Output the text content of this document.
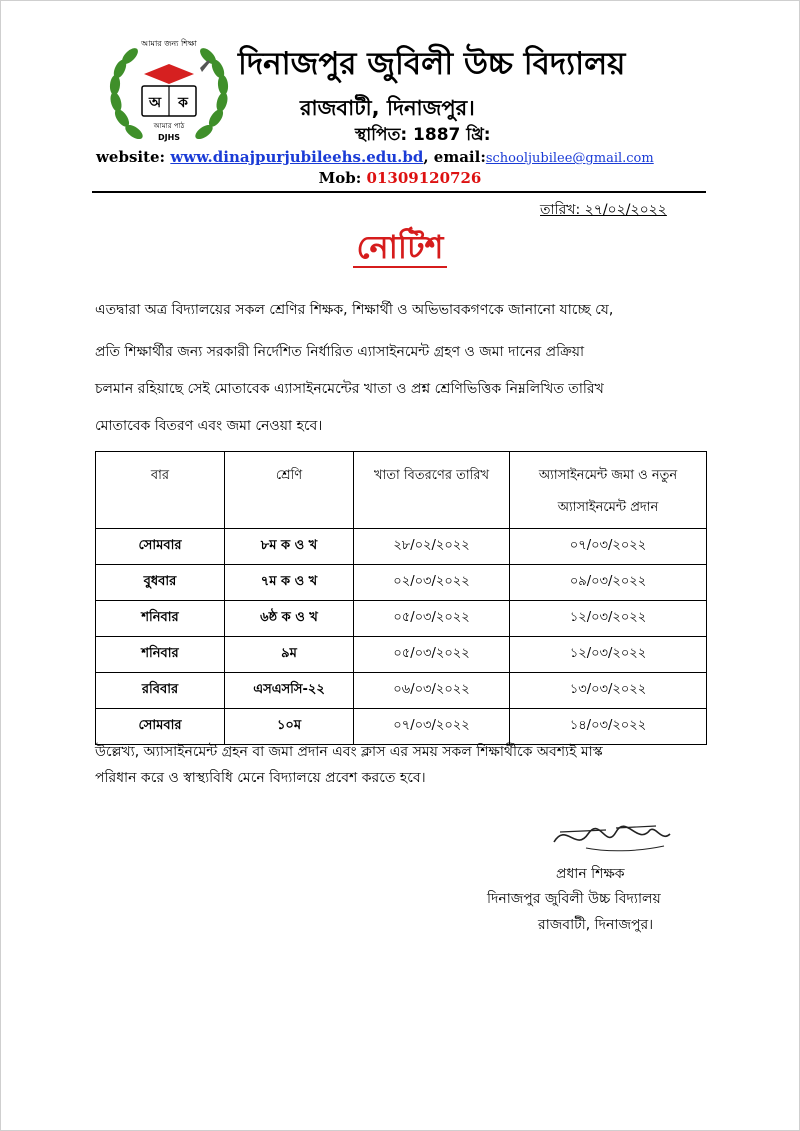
আমার জন্য শিক্ষা
অ ক
আমার পাঠ
DJHS
দিনাজপুর জুবিলী উচ্চ বিদ্যালয়
রাজবাটী, দিনাজপুর।
স্থাপিত: 1887 খ্রি:
website: www.dinajpurjubileehs.edu.bd, email:schooljubilee@gmail.com
Mob: 01309120726
তারিখ: ২৭/০২/২০২২
নোটিশ
এতদ্বারা অত্র বিদ্যালয়ের সকল শ্রেণির শিক্ষক, শিক্ষার্থী ও অভিভাবকগণকে জানানো যাচ্ছে যে,
প্রতি শিক্ষার্থীর জন্য সরকারী নির্দেশিত নির্ধারিত এ্যাসাইনমেন্ট গ্রহণ ও জমা দানের প্রক্রিয়া
চলমান রহিয়াছে সেই মোতাবেক এ্যাসাইনমেন্টের খাতা ও প্রশ্ন শ্রেণিভিত্তিক নিম্নলিখিত তারিখ
মোতাবেক বিতরণ এবং জমা নেওয়া হবে।
বার	শ্রেণি	খাতা বিতরণের তারিখ	অ্যাসাইনমেন্ট জমা ও নতুন
অ্যাসাইনমেন্ট প্রদান
সোমবার	৮ম ক ও খ	২৮/০২/২০২২	০৭/০৩/২০২২
বুধবার	৭ম ক ও খ	০২/০৩/২০২২	০৯/০৩/২০২২
শনিবার	৬ষ্ঠ ক ও খ	০৫/০৩/২০২২	১২/০৩/২০২২
শনিবার	৯ম	০৫/০৩/২০২২	১২/০৩/২০২২
রবিবার	এসএসসি-২২	০৬/০৩/২০২২	১৩/০৩/২০২২
সোমবার	১০ম	০৭/০৩/২০২২	১৪/০৩/২০২২
উল্লেখ্য, অ্যাসাইনমেন্ট গ্রহন বা জমা প্রদান এবং ক্লাস এর সময় সকল শিক্ষার্থীকে অবশ্যই মাস্ক
পরিধান করে ও স্বাস্থ্যবিধি মেনে বিদ্যালয়ে প্রবেশ করতে হবে।
প্রধান শিক্ষক
দিনাজপুর জুবিলী উচ্চ বিদ্যালয়
রাজবাটী, দিনাজপুর।
